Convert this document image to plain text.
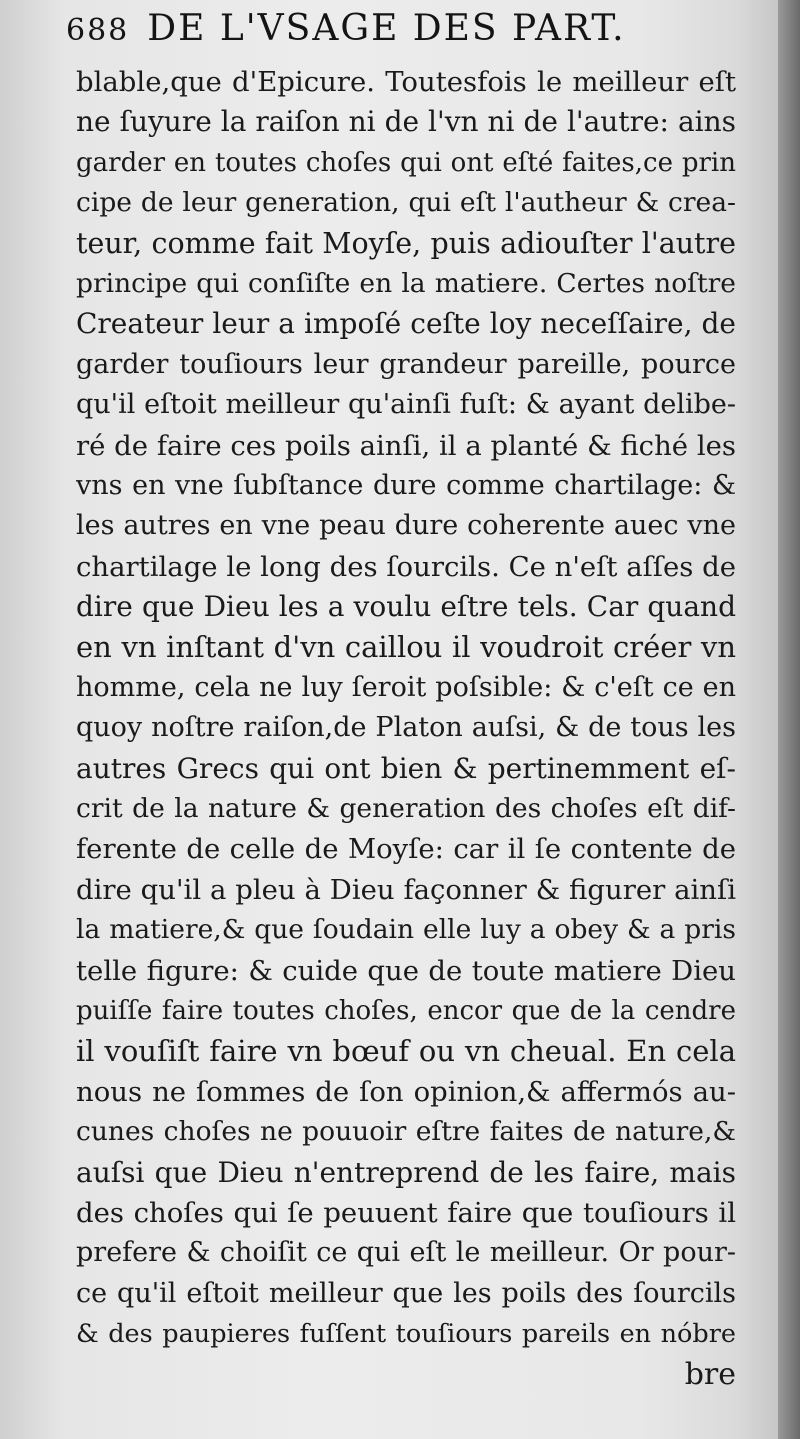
688 DE L'VSAGE DES PART.
blable,que d'Epicure. Toutesfois le meilleur eſt
ne ſuyure la raiſon ni de l'vn ni de l'autre: ains
garder en toutes choſes qui ont eſté faites,ce prin
cipe de leur generation, qui eſt l'autheur & crea-
teur, comme fait Moyſe, puis adiouſter l'autre
principe qui conſiſte en la matiere. Certes noſtre
Createur leur a impoſé ceſte loy neceſſaire, de
garder touſiours leur grandeur pareille, pource
qu'il eſtoit meilleur qu'ainſi fuſt: & ayant delibe-
ré de faire ces poils ainſi, il a planté & fiché les
vns en vne ſubſtance dure comme chartilage: &
les autres en vne peau dure coherente auec vne
chartilage le long des ſourcils. Ce n'eſt aſſes de
dire que Dieu les a voulu eſtre tels. Car quand
en vn inſtant d'vn caillou il voudroit créer vn
homme, cela ne luy ſeroit poſsible: & c'eſt ce en
quoy noſtre raiſon,de Platon auſsi, & de tous les
autres Grecs qui ont bien & pertinemment eſ-
crit de la nature & generation des choſes eſt dif-
ferente de celle de Moyſe: car il ſe contente de
dire qu'il a pleu à Dieu façonner & figurer ainſi
la matiere,& que ſoudain elle luy a obey & a pris
telle figure: & cuide que de toute matiere Dieu
puiſſe faire toutes choſes, encor que de la cendre
il vouſiſt faire vn bœuf ou vn cheual. En cela
nous ne ſommes de ſon opinion,& affermós au-
cunes choſes ne pouuoir eſtre faites de nature,&
auſsi que Dieu n'entreprend de les faire, mais
des choſes qui ſe peuuent faire que touſiours il
prefere & choiſit ce qui eſt le meilleur. Or pour-
ce qu'il eſtoit meilleur que les poils des ſourcils
& des paupieres fuſſent touſiours pareils en nóbre
bre
